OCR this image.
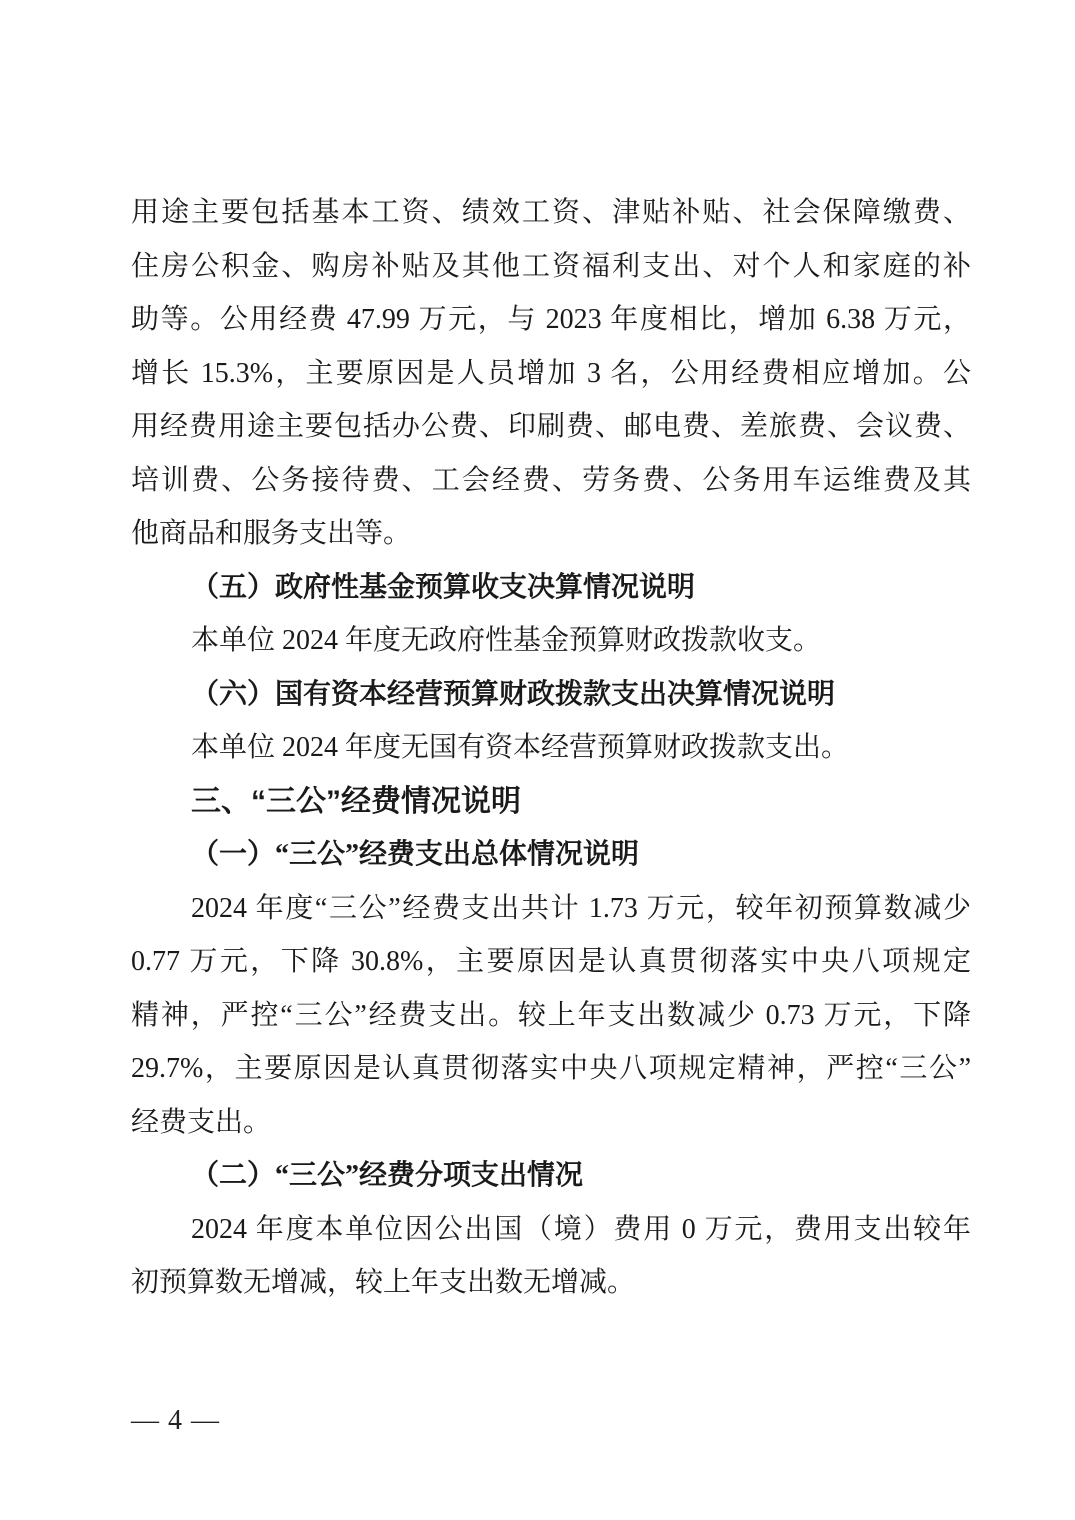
用途主要包括基本工资、绩效工资、津贴补贴、社会保障缴费、
住房公积金、购房补贴及其他工资福利支出、对个人和家庭的补
助等。公用经费 47.99 万元，与 2023 年度相比，增加 6.38 万元，
增长 15.3%，主要原因是人员增加 3 名，公用经费相应增加。公
用经费用途主要包括办公费、印刷费、邮电费、差旅费、会议费、
培训费、公务接待费、工会经费、劳务费、公务用车运维费及其
他商品和服务支出等。
（五）政府性基金预算收支决算情况说明
本单位 2024 年度无政府性基金预算财政拨款收支。
（六）国有资本经营预算财政拨款支出决算情况说明
本单位 2024 年度无国有资本经营预算财政拨款支出。
三、“三公”经费情况说明
（一）“三公”经费支出总体情况说明
2024 年度“三公”经费支出共计 1.73 万元，较年初预算数减少
0.77 万元，下降 30.8%，主要原因是认真贯彻落实中央八项规定
精神，严控“三公”经费支出。较上年支出数减少 0.73 万元，下降
29.7%，主要原因是认真贯彻落实中央八项规定精神，严控“三公”
经费支出。
（二）“三公”经费分项支出情况
2024 年度本单位因公出国（境）费用 0 万元，费用支出较年
初预算数无增减，较上年支出数无增减。
— 4 —
